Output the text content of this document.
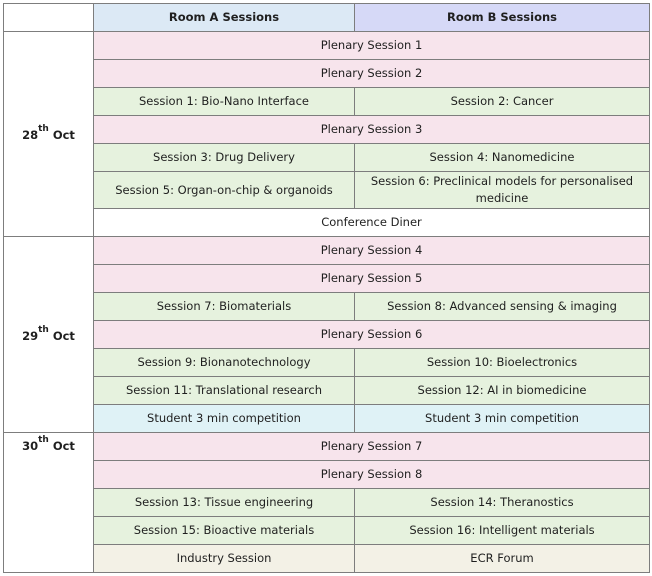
	Room A Sessions	Room B Sessions
28th Oct	Plenary Session 1	
	Plenary Session 2	
	Session 1: Bio-Nano Interface	Session 2: Cancer
	Plenary Session 3	
	Session 3: Drug Delivery	Session 4: Nanomedicine
	Session 5: Organ-on-chip & organoids	Session 6: Preclinical models for personalised medicine
	Conference Diner	
29th Oct	Plenary Session 4	
	Plenary Session 5	
	Session 7: Biomaterials	Session 8: Advanced sensing & imaging
	Plenary Session 6	
	Session 9: Bionanotechnology	Session 10: Bioelectronics
	Session 11: Translational research	Session 12: AI in biomedicine
	Student 3 min competition	Student 3 min competition
30th Oct	Plenary Session 7	
	Plenary Session 8	
	Session 13: Tissue engineering	Session 14: Theranostics
	Session 15: Bioactive materials	Session 16: Intelligent materials
	Industry Session	ECR Forum
